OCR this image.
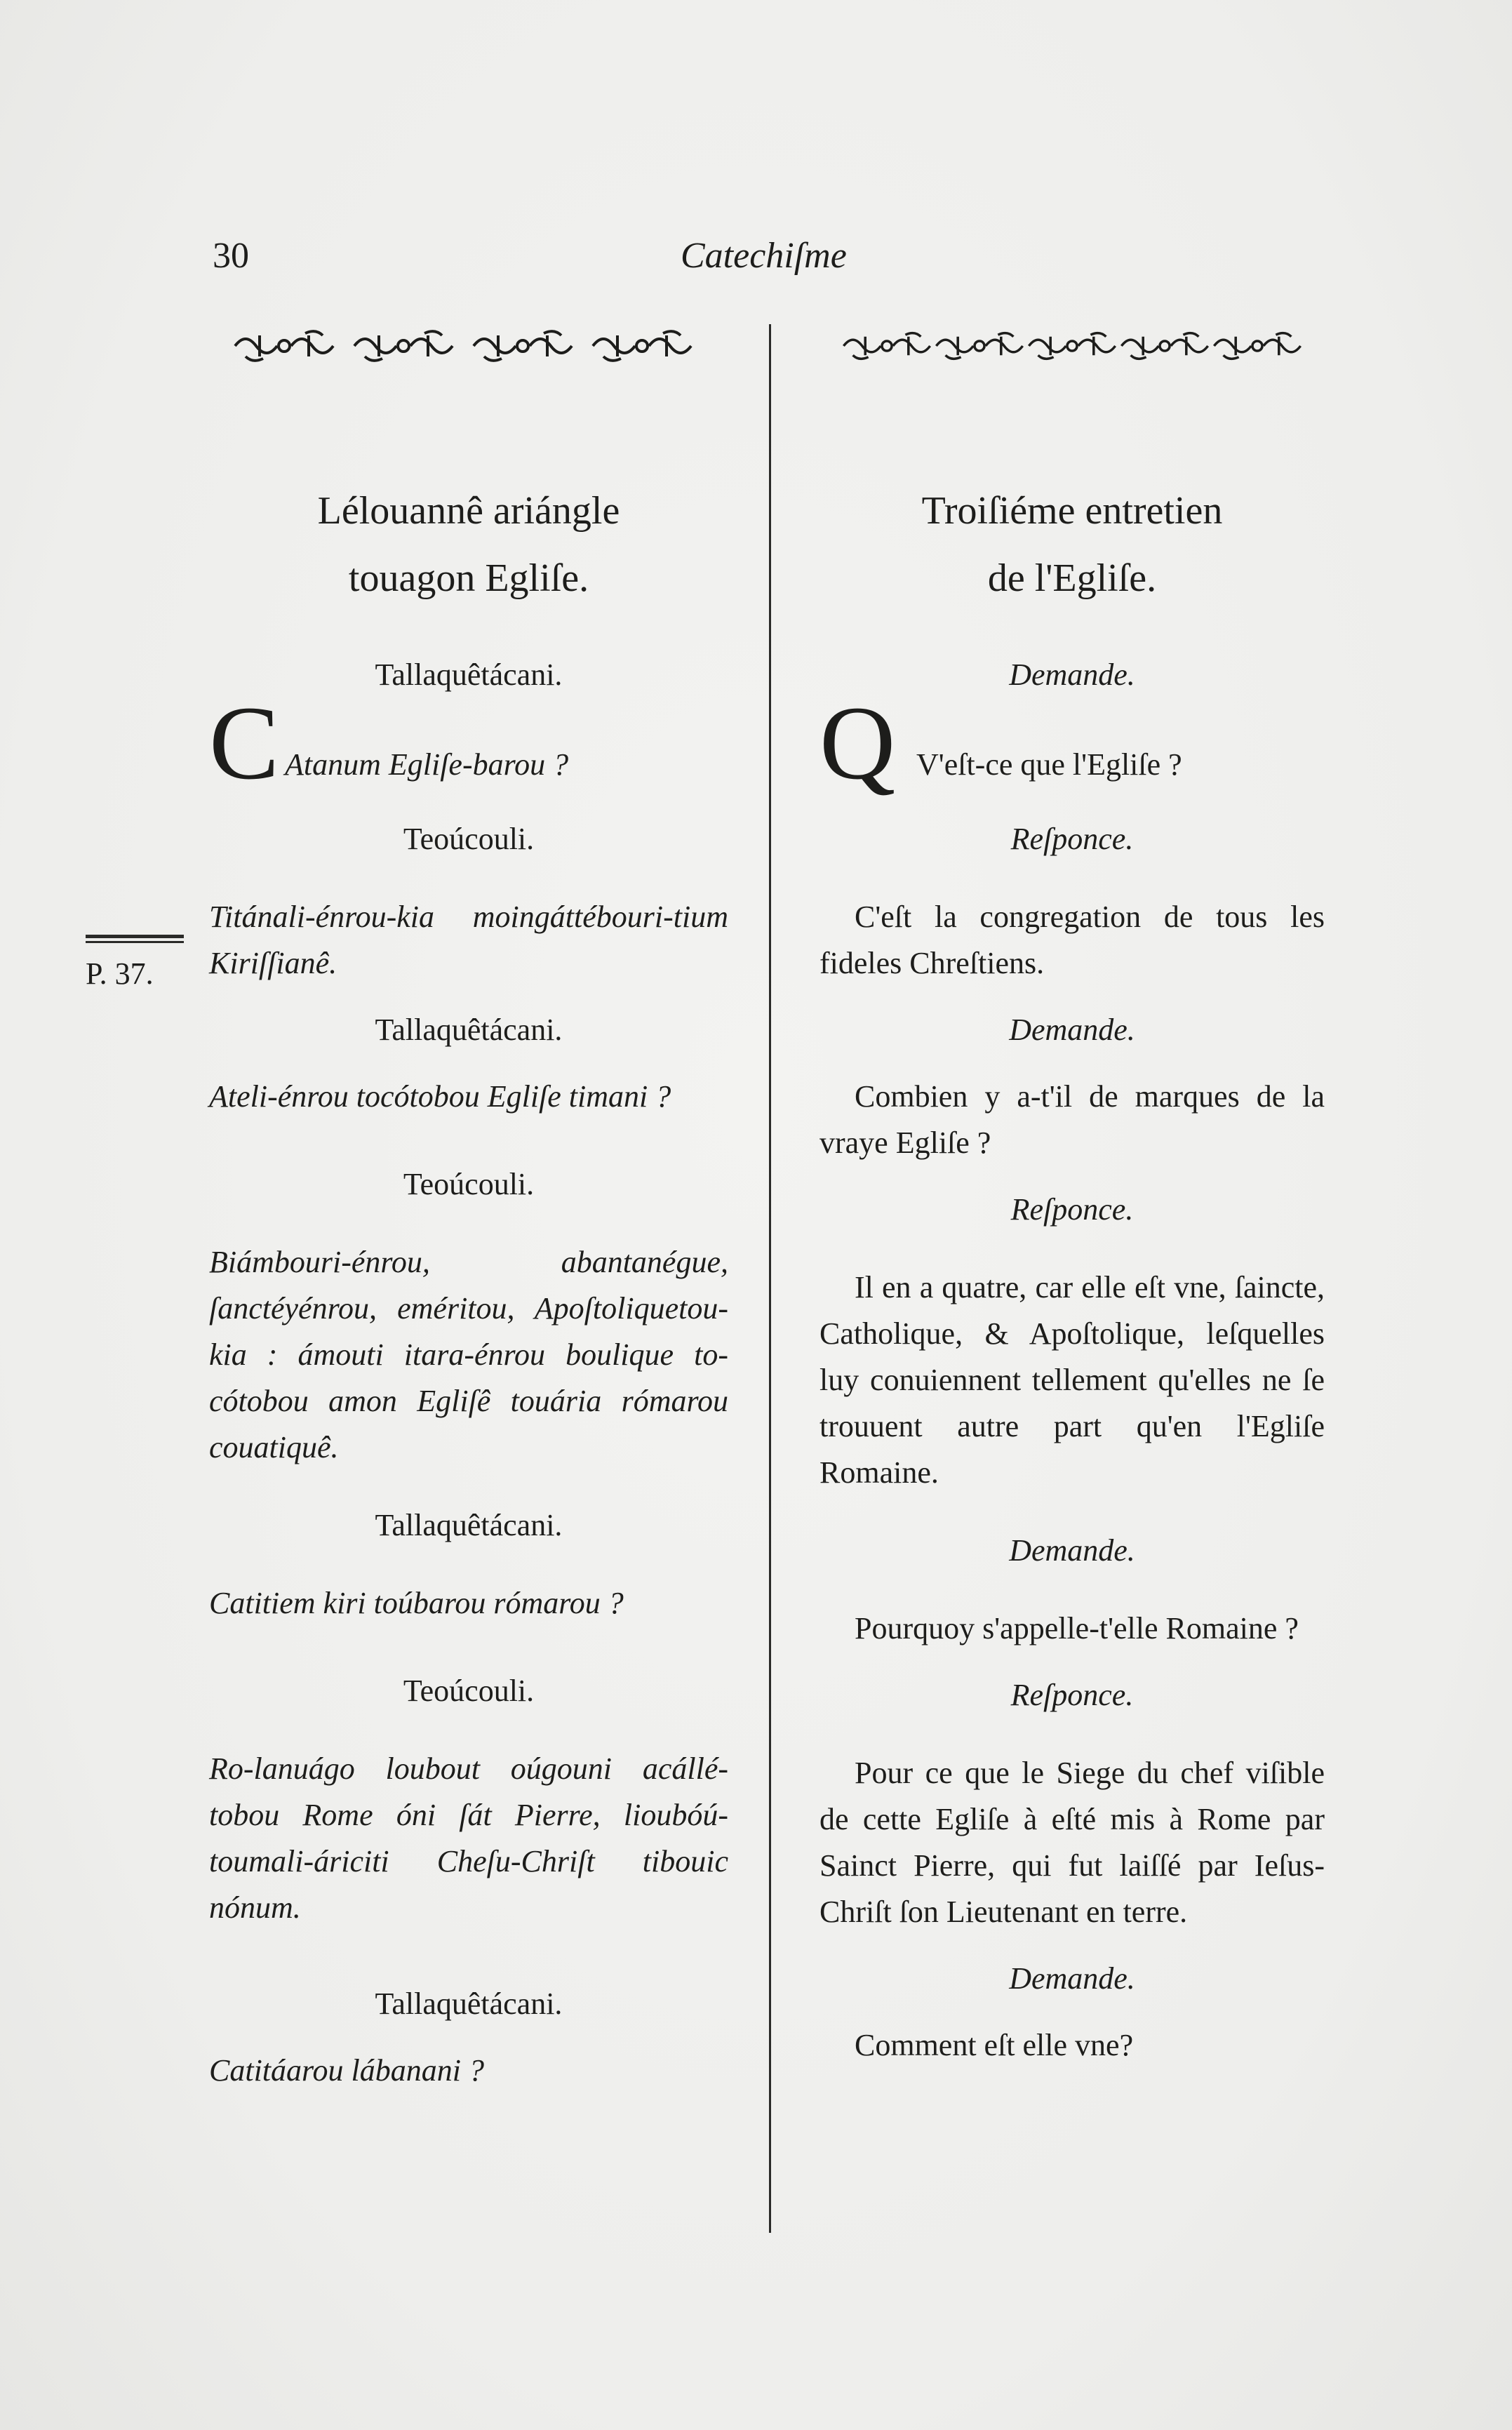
30	Catechiſme
P. 37.

Lélouannê ariángle

touagon Egliſe.

Tallaquêtácani.

C Atanum Egliſe-barou ?

Teoúcouli.

Titánali-énrou-kia moingáttébouri-tium Kiriſſianê.

Tallaquêtácani.

Ateli-énrou tocótobou Egliſe timani ?

Teoúcouli.

Biámbouri-énrou, abantanégue, ſanctéyénrou, eméritou, Apoſtoliquetou-kia : ámouti itara-énrou boulique to-cótobou amon Egliſê touária rómarou couatiquê.

Tallaquêtácani.

Catitiem kiri toúbarou rómarou ?

Teoúcouli.

Ro-lanuágo loubout oúgouni acállé-tobou Rome óni ſát Pierre, lioubóú-toumali-áriciti Cheſu-Chriſt tibouic nónum.

Tallaquêtácani.

Catitáarou lábanani ?

Troiſiéme entretien

de l'Egliſe.

Demande.

Q V'eſt-ce que l'Egliſe ?

Reſponce.

C'eſt la congregation de tous les fideles Chreſtiens.

Demande.

Combien y a-t'il de marques de la vraye Egliſe ?

Reſponce.

Il en a quatre, car elle eſt vne, ſaincte, Catholique, & Apoſtolique, leſquelles luy conuiennent tellement qu'elles ne ſe trouuent autre part qu'en l'Egliſe Romaine.

Demande.

Pourquoy s'appelle-t'elle Romaine ?

Reſponce.

Pour ce que le Siege du chef viſible de cette Egliſe à eſté mis à Rome par Sainct Pierre, qui fut laiſſé par Ieſus-Chriſt ſon Lieutenant en terre.

Demande.

Comment eſt elle vne?
